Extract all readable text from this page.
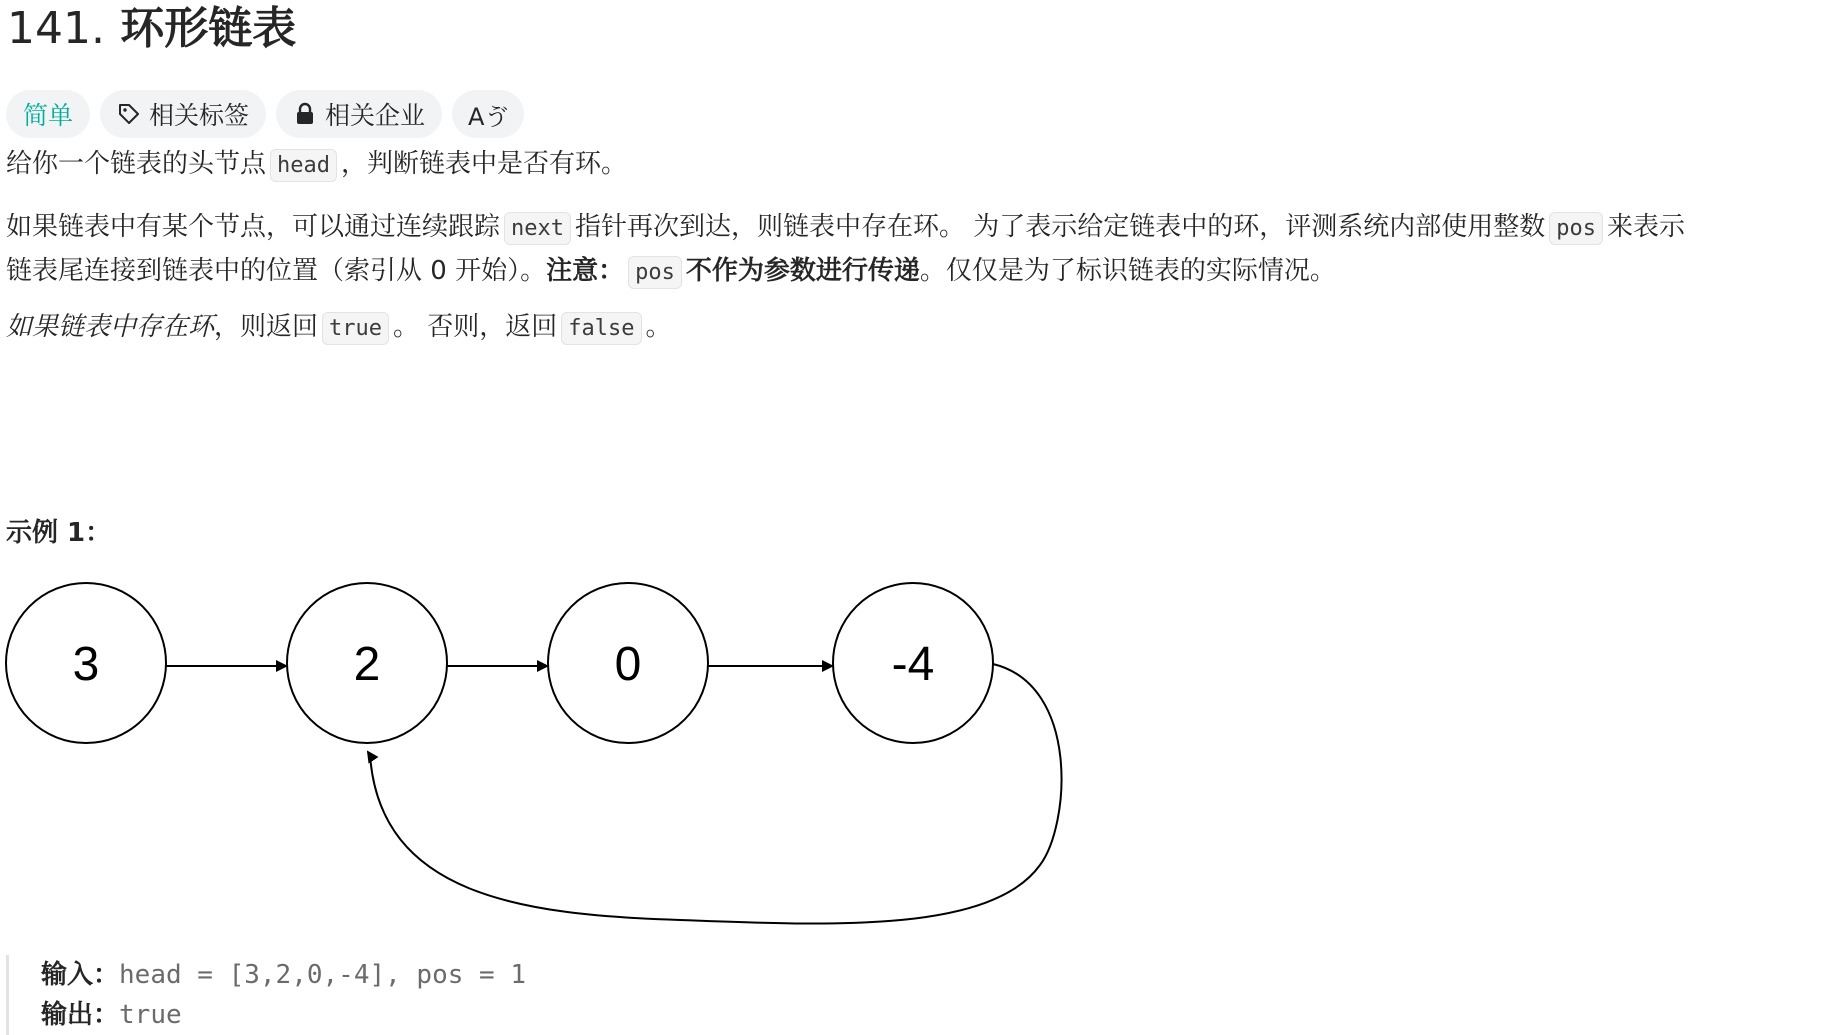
141. 环形链表
简单	相关标签	相关企业 Aゔ

给你一个链表的头节点 head ，判断链表中是否有环。

如果链表中有某个节点，可以通过连续跟踪 next 指针再次到达，则链表中存在环。 为了表示给定链表中的环，评测系统内部使用整数 pos 来表示
链表尾连接到链表中的位置（索引从 0 开始）。注意： pos 不作为参数进行传递。仅仅是为了标识链表的实际情况。

如果链表中存在环，则返回 true 。 否则，返回 false 。

示例 1：
3	2	0	-4
输入：head = [3,2,0,-4], pos = 1
输出：true
